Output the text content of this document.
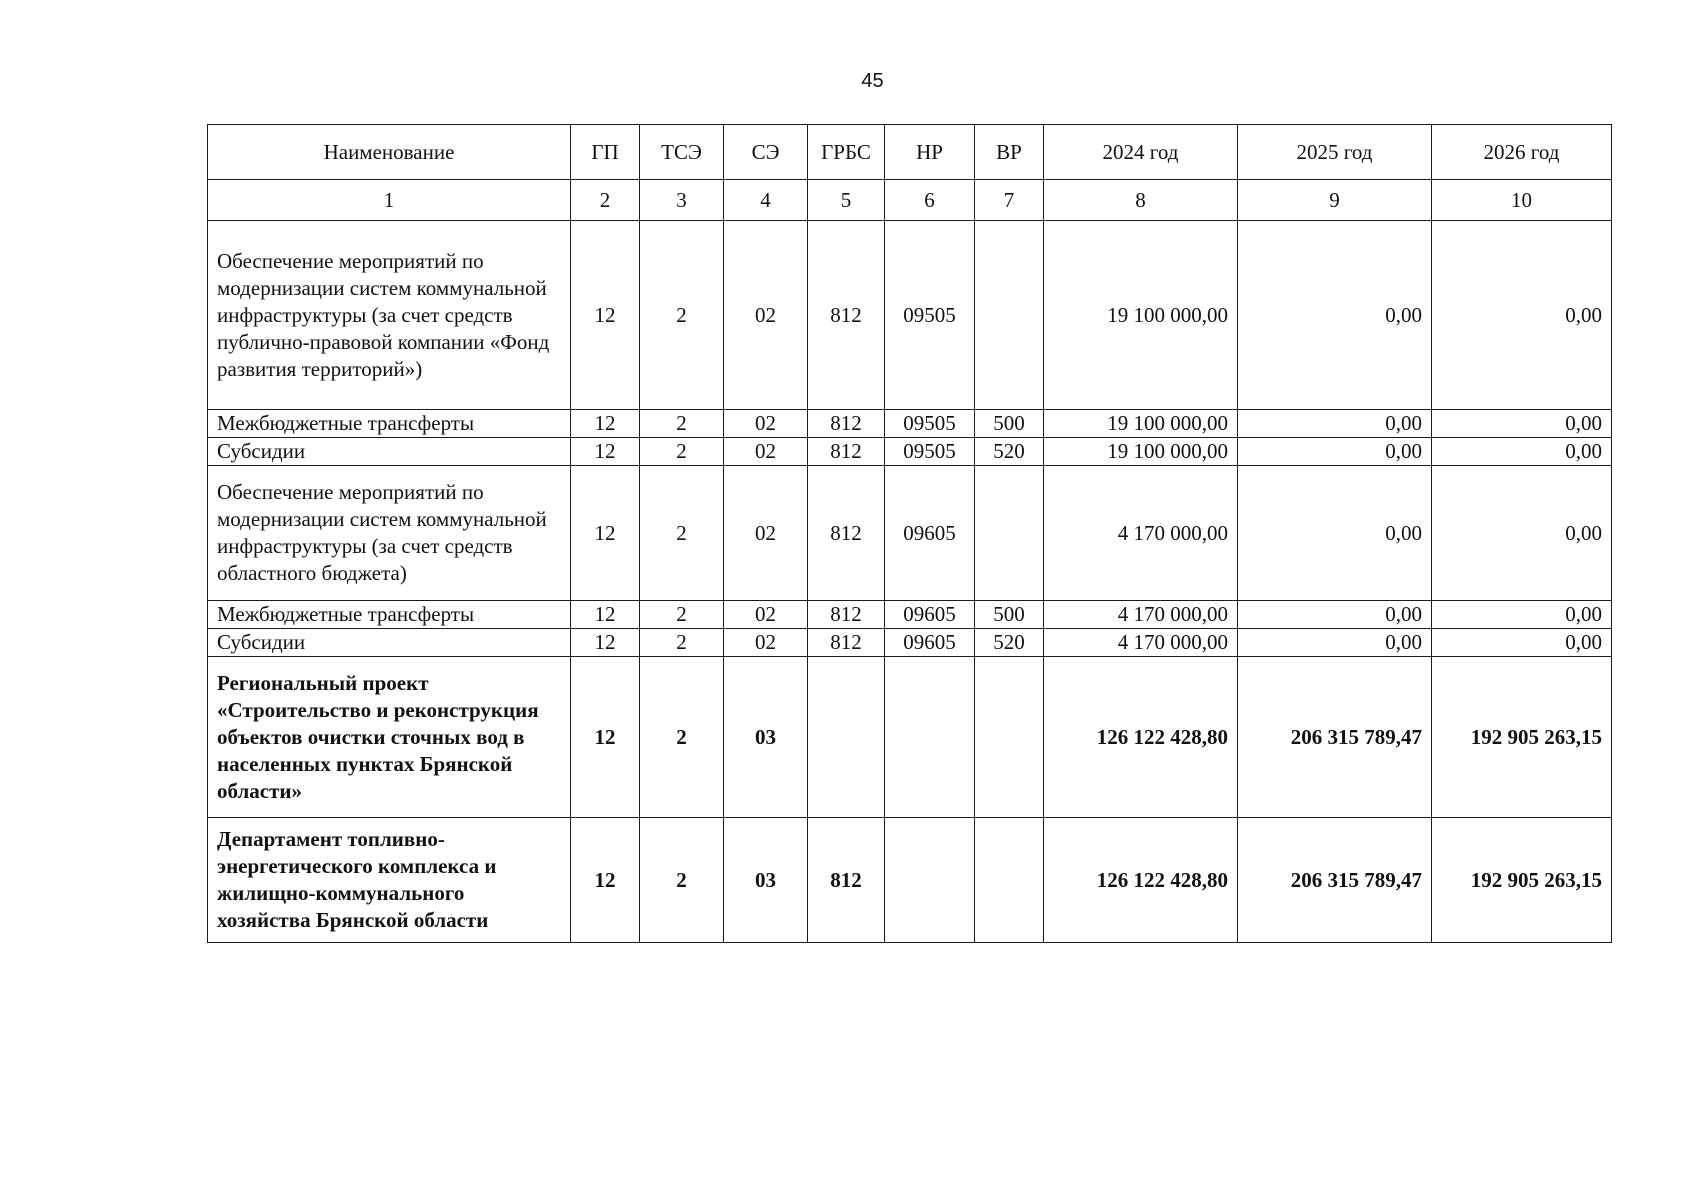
45
Наименование	ГП	ТСЭ	СЭ	ГРБС	НР	ВР	2024 год	2025 год	2026 год
1	2	3	4	5	6	7	8	9	10
Обеспечение мероприятий по модернизации систем коммунальной инфраструктуры (за счет средств публично-правовой компании «Фонд развития территорий»)	12	2	02	812	09505		19 100 000,00	0,00	0,00
Межбюджетные трансферты	12	2	02	812	09505	500	19 100 000,00	0,00	0,00
Субсидии	12	2	02	812	09505	520	19 100 000,00	0,00	0,00
Обеспечение мероприятий по модернизации систем коммунальной инфраструктуры (за счет средств областного бюджета)	12	2	02	812	09605		4 170 000,00	0,00	0,00
Межбюджетные трансферты	12	2	02	812	09605	500	4 170 000,00	0,00	0,00
Субсидии	12	2	02	812	09605	520	4 170 000,00	0,00	0,00
Региональный проект «Строительство и реконструкция объектов очистки сточных вод в населенных пунктах Брянской области»	12	2	03				126 122 428,80	206 315 789,47	192 905 263,15
Департамент топливно-энергетического комплекса и жилищно-коммунального хозяйства Брянской области	12	2	03	812			126 122 428,80	206 315 789,47	192 905 263,15
